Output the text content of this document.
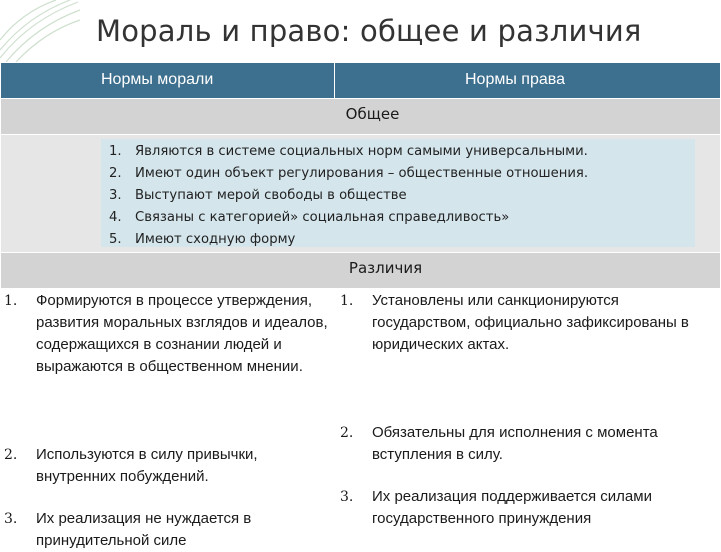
Мораль и право: общее и различия
Нормы морали	Нормы права
Общее

1.	Являются в системе социальных норм самыми универсальными.
2.	Имеют один объект регулирования – общественные отношения.
3.	Выступают мерой свободы в обществе
4.	Связаны с категорией» социальная справедливость»
5.	Имеют сходную форму

Различия
1.	Формируются в процессе утверждения, развития моральных взглядов и идеалов, содержащихся в сознании людей и выражаются в общественном мнении.
2.	Используются в силу привычки, внутренних побуждений.
3.	Их реализация не нуждается в принудительной силе
1.	Установлены или санкционируются государством, официально зафиксированы в юридических актах.
2.	Обязательны для исполнения с момента вступления в силу.
3.	Их реализация поддерживается силами государственного принуждения
